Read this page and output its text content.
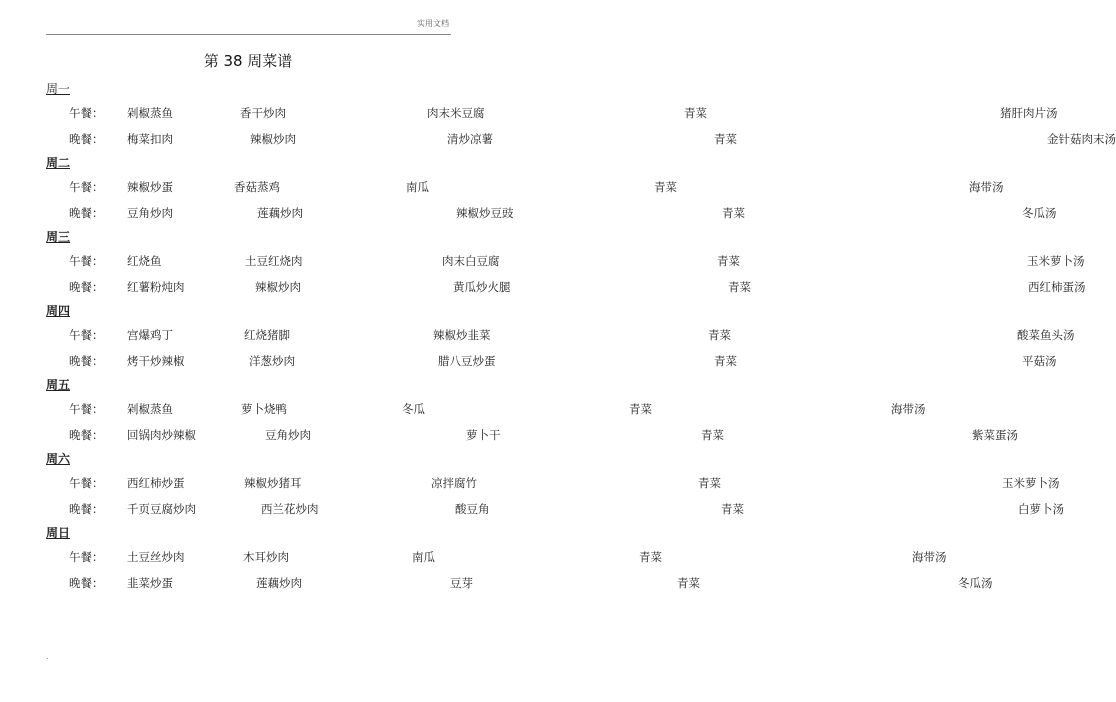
实用文档
第 38 周菜谱
周一
午餐： 剁椒蒸鱼	香干炒肉	肉末米豆腐	青菜	猪肝肉片汤
晚餐： 梅菜扣肉	辣椒炒肉	清炒凉薯	青菜	金针菇肉末汤
周二
午餐： 辣椒炒蛋	香菇蒸鸡	南瓜	青菜	海带汤
晚餐： 豆角炒肉	莲藕炒肉	辣椒炒豆豉	青菜	冬瓜汤
周三
午餐： 红烧鱼	土豆红烧肉	肉末白豆腐	青菜	玉米萝卜汤
晚餐： 红薯粉炖肉	辣椒炒肉	黄瓜炒火腿	青菜	西红柿蛋汤
周四
午餐： 宫爆鸡丁	红烧猪脚	辣椒炒韭菜	青菜	酸菜鱼头汤
晚餐： 烤干炒辣椒	洋葱炒肉	腊八豆炒蛋	青菜	平菇汤
周五
午餐： 剁椒蒸鱼	萝卜烧鸭	冬瓜	青菜	海带汤
晚餐： 回锅肉炒辣椒	豆角炒肉	萝卜干	青菜	紫菜蛋汤
周六
午餐： 西红柿炒蛋	辣椒炒猪耳	凉拌腐竹	青菜	玉米萝卜汤
晚餐： 千页豆腐炒肉	西兰花炒肉	酸豆角	青菜	白萝卜汤
周日
午餐： 土豆丝炒肉	木耳炒肉	南瓜	青菜	海带汤
晚餐： 韭菜炒蛋	莲藕炒肉	豆芽	青菜	冬瓜汤
.
